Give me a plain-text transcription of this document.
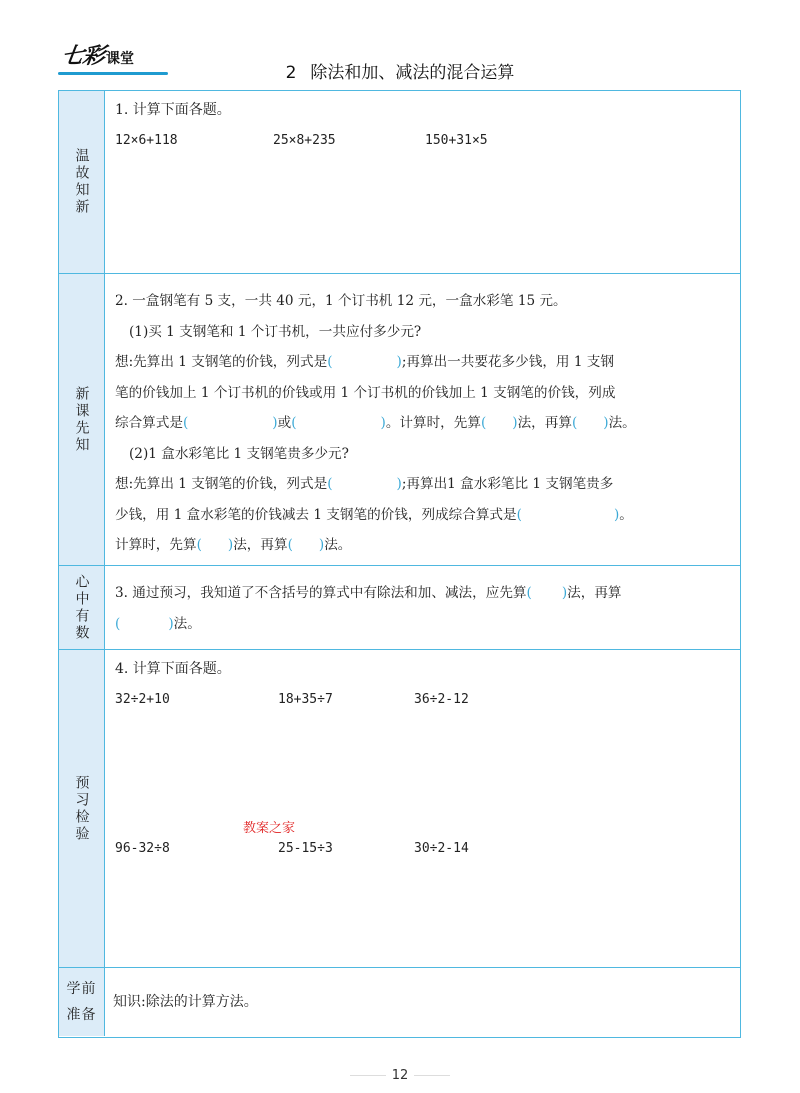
七彩 课堂
2 除法和加、减法的混合运算
温故知新
1. 计算下面各题。
12×6+118	25×8+235	150+31×5
新课先知
2. 一盒钢笔有 5 支，一共 40 元，1 个订书机 12 元，一盒水彩笔 15 元。
(1)买 1 支钢笔和 1 个订书机，一共应付多少元?
想:先算出 1 支钢笔的价钱，列式是(	);再算出一共要花多少钱，用 1 支钢
笔的价钱加上 1 个订书机的价钱或用 1 个订书机的价钱加上 1 支钢笔的价钱，列成
综合算式是(	)或(	)。计算时，先算( )法，再算( )法。
(2)1 盒水彩笔比 1 支钢笔贵多少元?
想:先算出 1 支钢笔的价钱，列式是(	);再算出1 盒水彩笔比 1 支钢笔贵多
少钱，用 1 盒水彩笔的价钱减去 1 支钢笔的价钱，列成综合算式是(	)。
计算时，先算( )法，再算( )法。
心中有数 3. 通过预习，我知道了不含括号的算式中有除法和加、减法，应先算( )法，再算
(	)法。
预习检验
4. 计算下面各题。
32÷2+10	18+35÷7	36÷2-12
教案之家
96-32÷8	25-15÷3	30÷2-14
学前
准备
知识:除法的计算方法。
12
